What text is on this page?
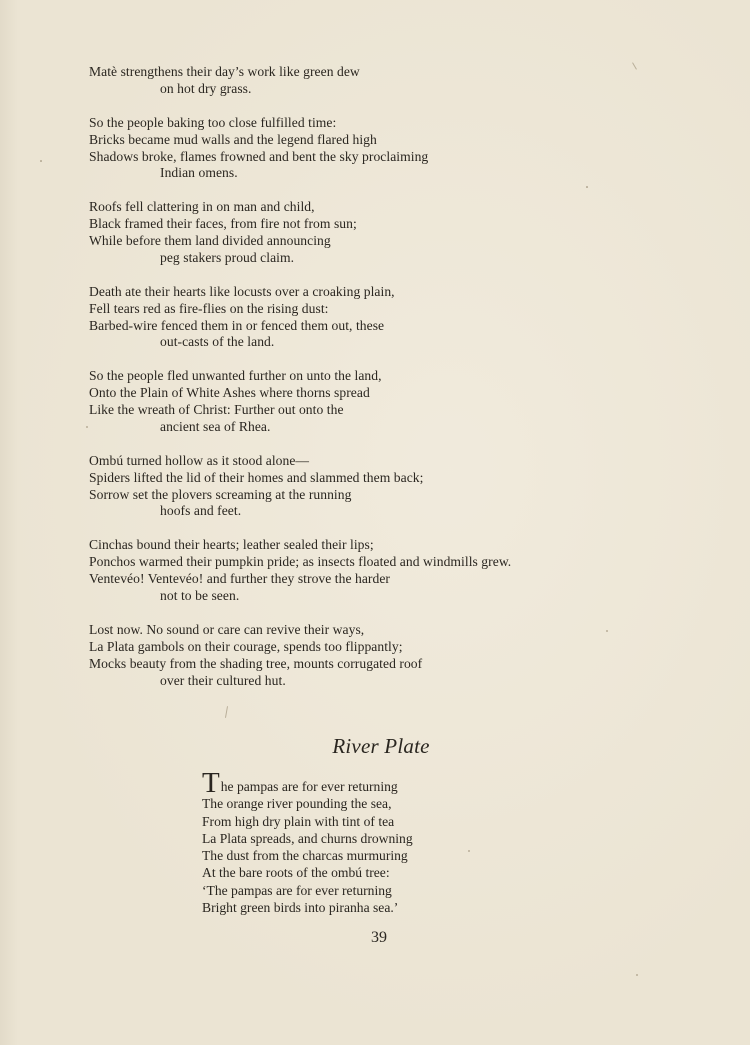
Matè strengthens their day’s work like green dew
on hot dry grass.
So the people baking too close fulfilled time:
Bricks became mud walls and the legend flared high
Shadows broke, flames frowned and bent the sky proclaiming
Indian omens.
Roofs fell clattering in on man and child,
Black framed their faces, from fire not from sun;
While before them land divided announcing
peg stakers proud claim.
Death ate their hearts like locusts over a croaking plain,
Fell tears red as fire-flies on the rising dust:
Barbed-wire fenced them in or fenced them out, these
out-casts of the land.
So the people fled unwanted further on unto the land,
Onto the Plain of White Ashes where thorns spread
Like the wreath of Christ: Further out onto the
ancient sea of Rhea.
Ombú turned hollow as it stood alone—
Spiders lifted the lid of their homes and slammed them back;
Sorrow set the plovers screaming at the running
hoofs and feet.
Cinchas bound their hearts; leather sealed their lips;
Ponchos warmed their pumpkin pride; as insects floated and windmills grew.
Ventevéo! Ventevéo! and further they strove the harder
not to be seen.
Lost now. No sound or care can revive their ways,
La Plata gambols on their courage, spends too flippantly;
Mocks beauty from the shading tree, mounts corrugated roof
over their cultured hut.
River Plate
The pampas are for ever returning
The orange river pounding the sea,
From high dry plain with tint of tea
La Plata spreads, and churns drowning
The dust from the charcas murmuring
At the bare roots of the ombú tree:
‘The pampas are for ever returning
Bright green birds into piranha sea.’
39
